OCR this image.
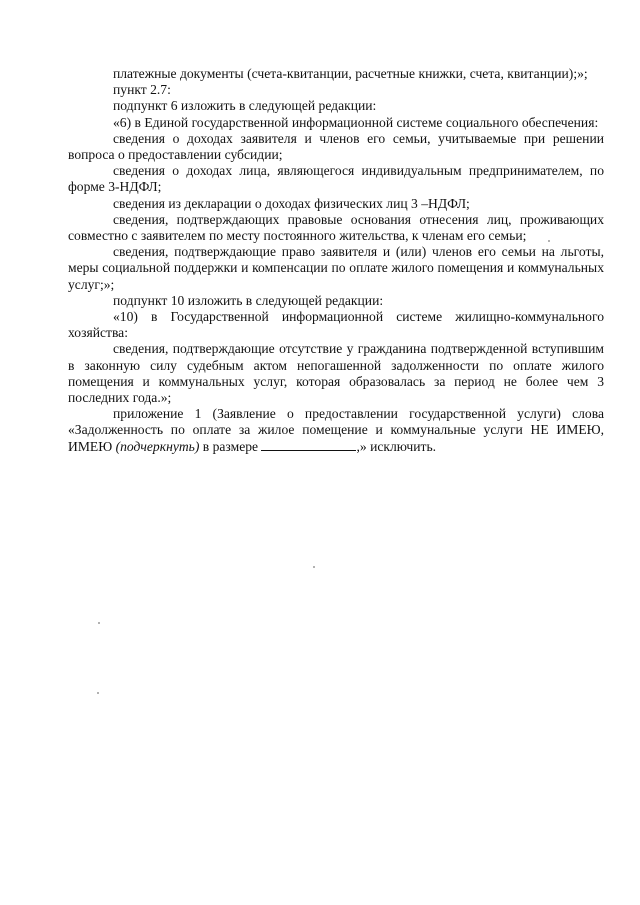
платежные документы (счета-квитанции, расчетные книжки, счета, квитанции);»;

пункт 2.7:

подпункт 6 изложить в следующей редакции:

«6) в Единой государственной информационной системе социального обеспечения:

сведения о доходах заявителя и членов его семьи, учитываемые при решении вопроса о предоставлении субсидии;

сведения о доходах лица, являющегося индивидуальным предпринимателем, по форме 3-НДФЛ;

сведения из декларации о доходах физических лиц 3 –НДФЛ;

сведения, подтверждающих правовые основания отнесения лиц, проживающих совместно с заявителем по месту постоянного жительства, к членам его семьи;

сведения, подтверждающие право заявителя и (или) членов его семьи на льготы, меры социальной поддержки и компенсации по оплате жилого помещения и коммунальных услуг;»;

подпункт 10 изложить в следующей редакции:

«10) в Государственной информационной системе жилищно-коммунального хозяйства:

сведения, подтверждающие отсутствие у гражданина подтвержденной вступившим в законную силу судебным актом непогашенной задолженности по оплате жилого помещения и коммунальных услуг, которая образовалась за период не более чем 3 последних года.»;

приложение 1 (Заявление о предоставлении государственной услуги) слова «Задолженность по оплате за жилое помещение и коммунальные услуги НЕ ИМЕЮ, ИМЕЮ (подчеркнуть) в размере	,» исключить.
